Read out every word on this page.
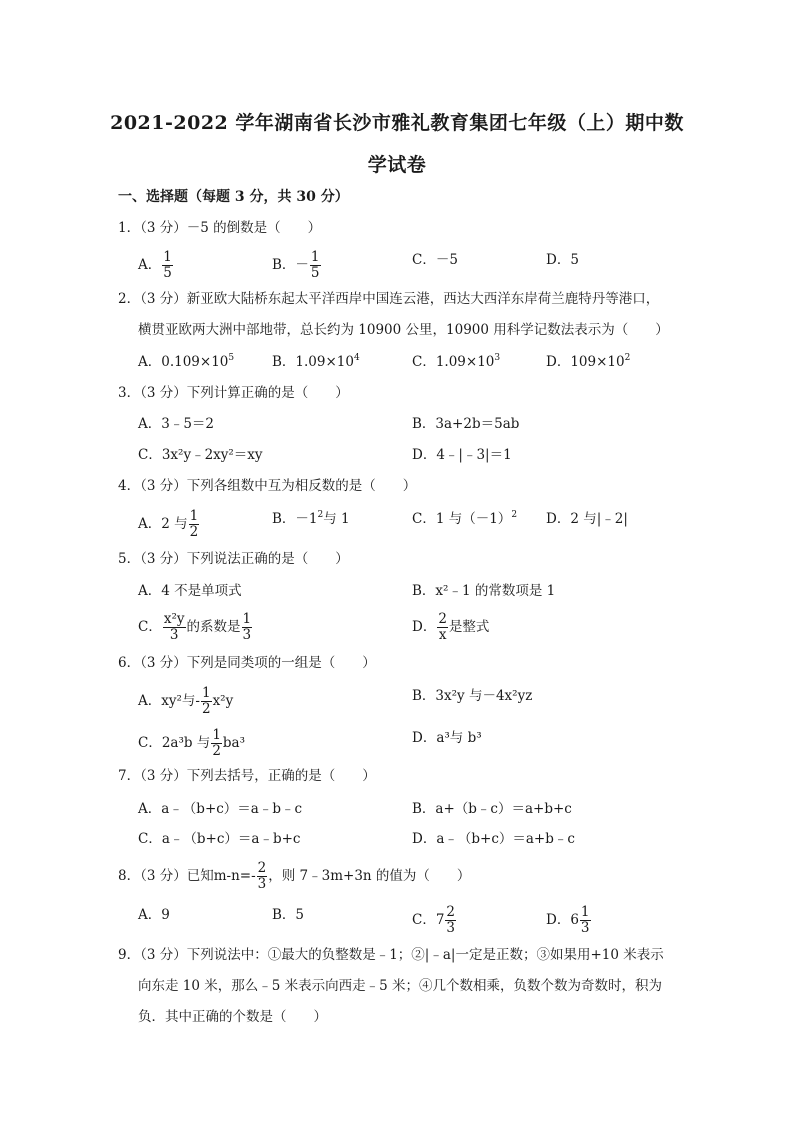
2021-2022 学年湖南省长沙市雅礼教育集团七年级（上）期中数
学试卷
一、选择题（每题 3 分，共 30 分）
1．（3 分）－5 的倒数是（　　）
A． $\frac{1}{5}$	B．－ $\frac{1}{5}$	C．－5	D．5
2．（3 分）新亚欧大陆桥东起太平洋西岸中国连云港，西达大西洋东岸荷兰鹿特丹等港口，
横贯亚欧两大洲中部地带，总长约为 10900 公里，10900 用科学记数法表示为（　　）
A．$0.109\times 10^5$	B．$1.09\times 10^4$	C．$1.09\times 10^3$	D．$109\times 10^2$
3．（3 分）下列计算正确的是（　　）
A．3﹣5＝2	B．3a+2b＝5ab
C．3x²y﹣2xy²＝xy	D．4﹣|﹣3|＝1
4．（3 分）下列各组数中互为相反数的是（　　）
A．2 与 $\frac{1}{2}$	B．$-1^2$与 1	C．1 与$(-1)^2$ D．2 与|﹣2|
5．（3 分）下列说法正确的是（　　）
A．4 不是单项式	B．x²﹣1 的常数项是 1
C． $\frac{\text{x²y}}{3}$ 的系数是 $\frac{1}{3}$	D． $\frac{2}{x}$ 是整式
6．（3 分）下列是同类项的一组是（　　）
A．xy²与- $\frac{1}{2} x^2y$	B．3x²y 与－4x²yz
C．2a³b 与 $\frac{1}{2} ba^3$	D．a³与 b³
7．（3 分）下列去括号，正确的是（　　）
A．a﹣（b+c）＝a﹣b﹣c	B．a+（b﹣c）＝a+b+c
C．a﹣（b+c）＝a﹣b+c	D．a﹣（b+c）＝a+b﹣c
8．（3 分）已知$m-n=- \frac{2}{3}$ ，则 7﹣3m+3n 的值为（　　）
A．9	B．5	C．$7 \frac{2}{3}$	D．$6 \frac{1}{3}$
9．（3 分）下列说法中：①最大的负整数是﹣1；②|﹣a|一定是正数；③如果用+10 米表示
向东走 10 米，那么﹣5 米表示向西走﹣5 米；④几个数相乘，负数个数为奇数时，积为
负．其中正确的个数是（　　）
